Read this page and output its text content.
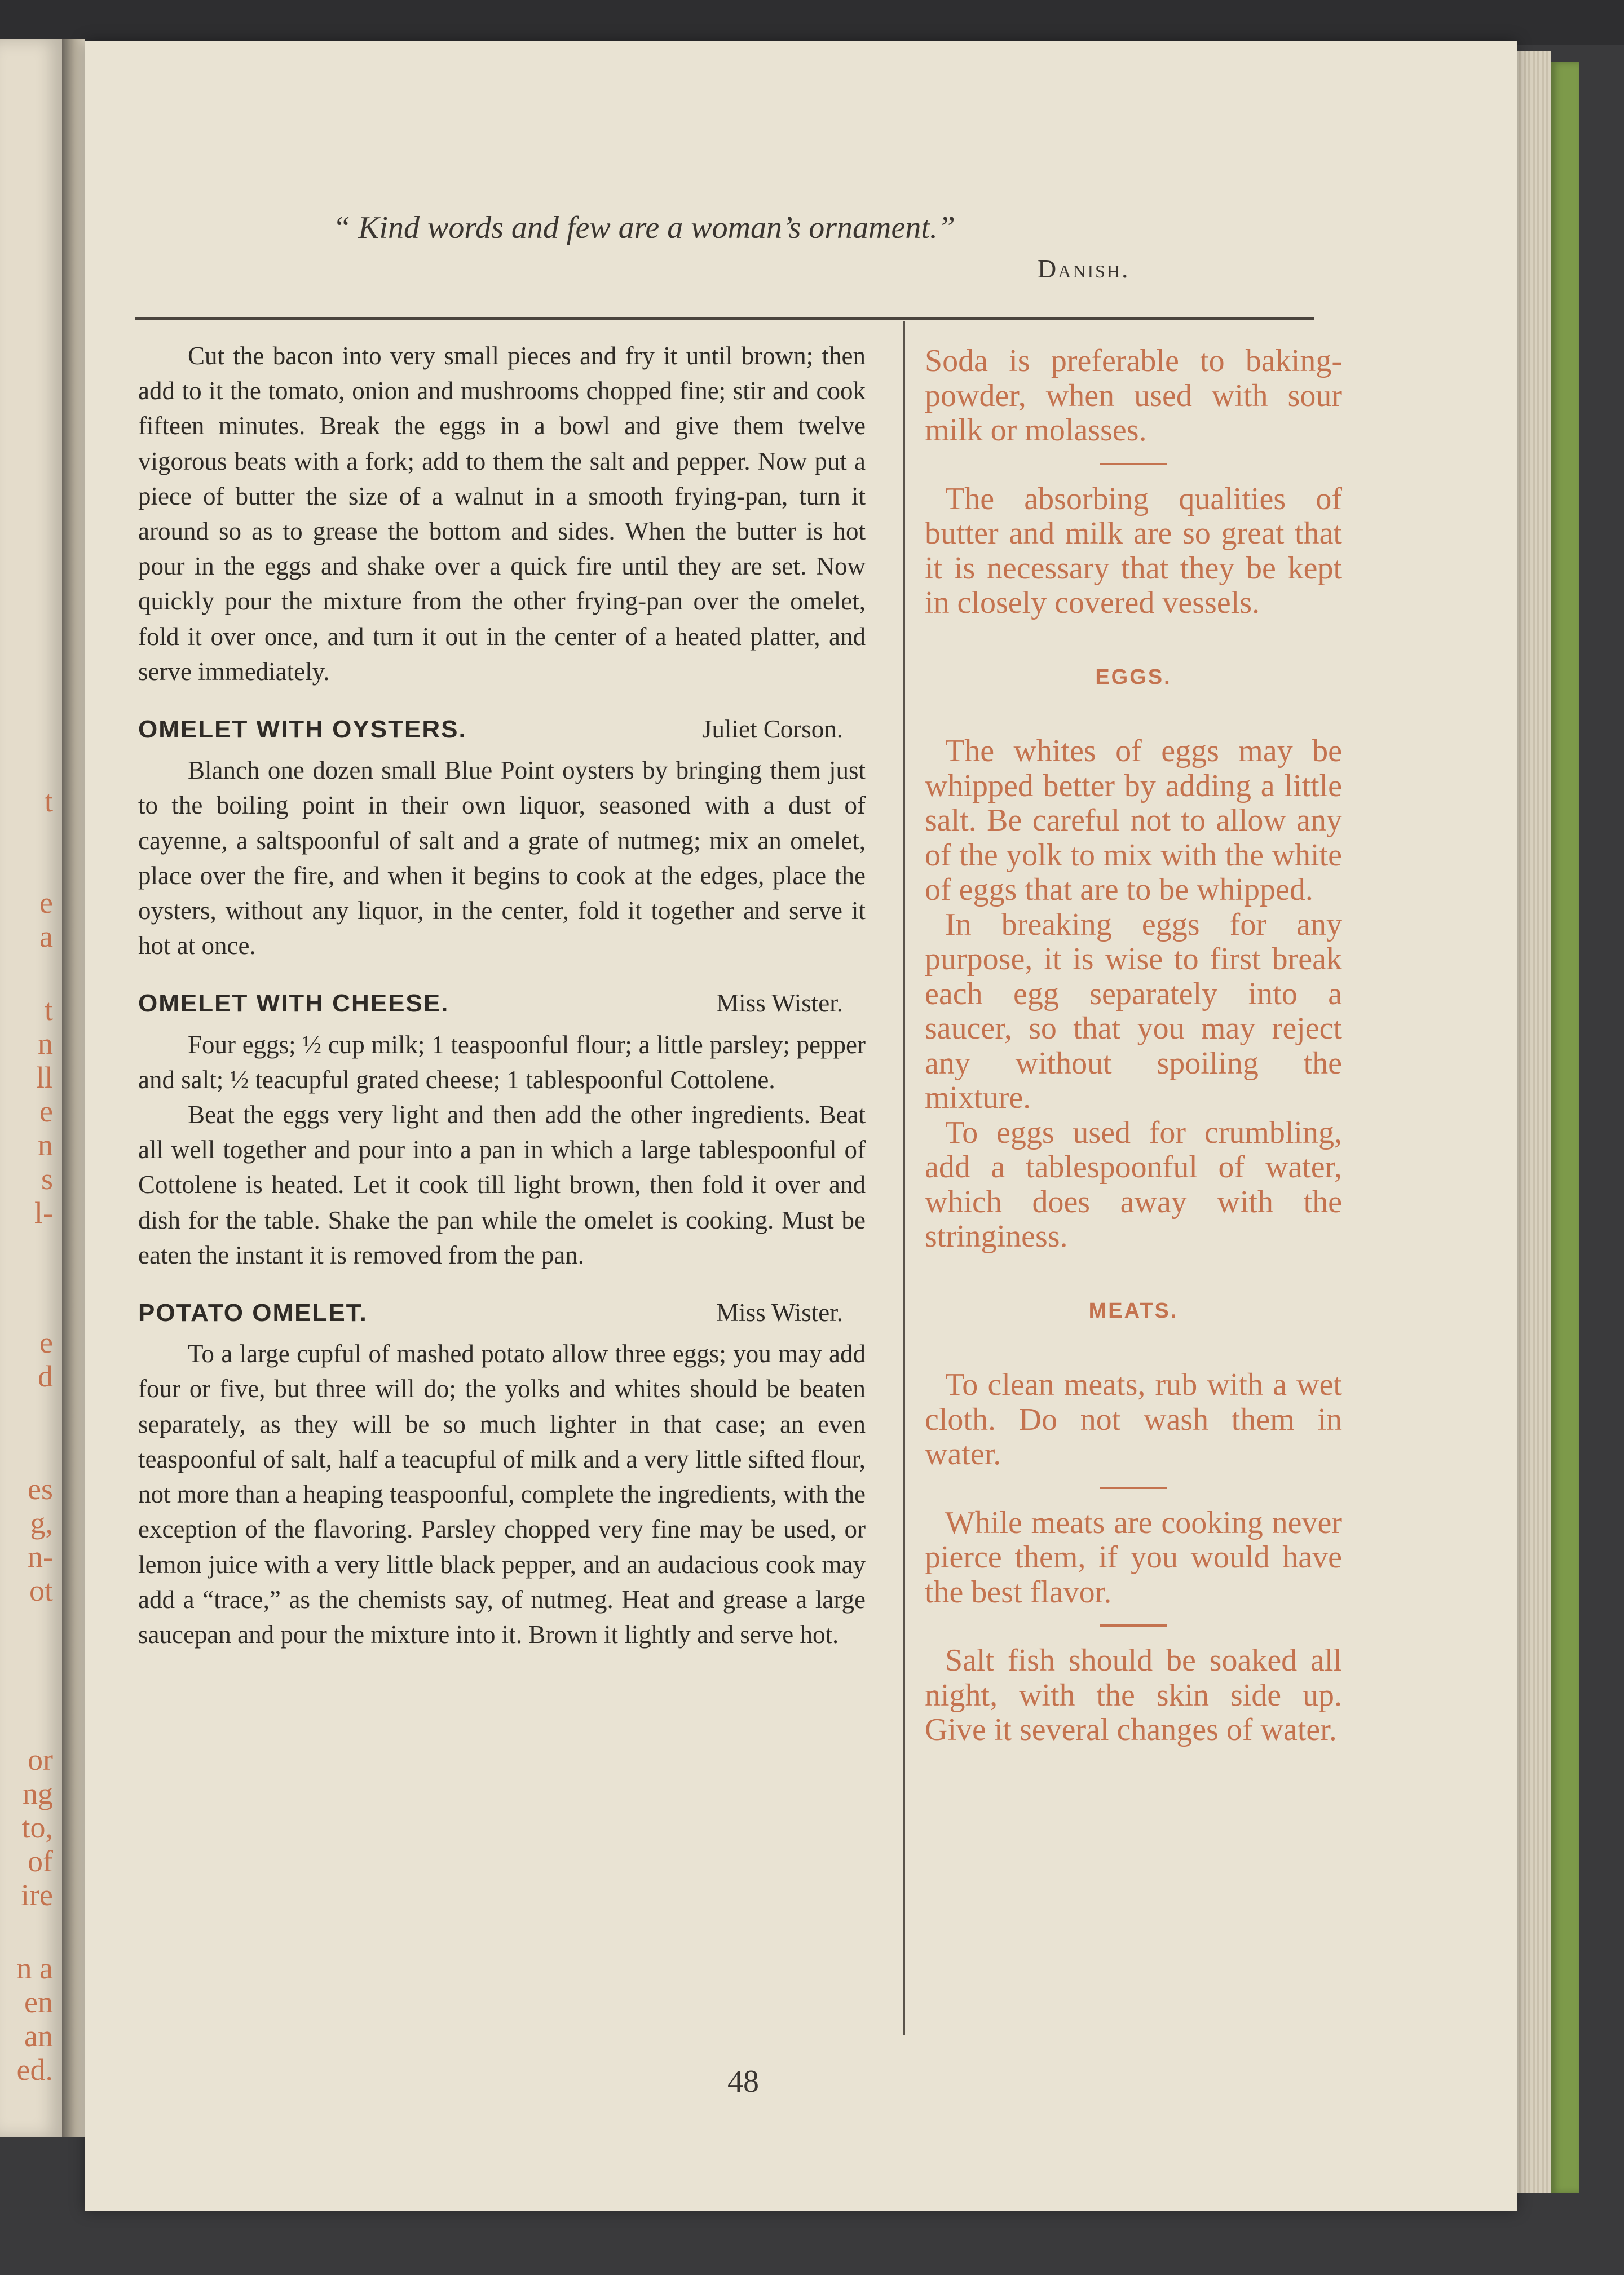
t
e
a
t
n
ll
e
n
s
l-
e
d
es
g,
n-
ot
or
ng
to,
of
ire
n a
en
an
ed.
“ Kind words and few are a woman’s ornament.”
Danish.

Cut the bacon into very small pieces and fry it until brown; then add to it the tomato, onion and mushrooms chopped fine; stir and cook fifteen minutes. Break the eggs in a bowl and give them twelve vigorous beats with a fork; add to them the salt and pepper. Now put a piece of butter the size of a walnut in a smooth frying-pan, turn it around so as to grease the bottom and sides. When the butter is hot pour in the eggs and shake over a quick fire until they are set. Now quickly pour the mixture from the other frying-pan over the omelet, fold it over once, and turn it out in the center of a heated platter, and serve immediately.

OMELET WITH OYSTERS.	Juliet Corson.

Blanch one dozen small Blue Point oysters by bringing them just to the boiling point in their own liquor, seasoned with a dust of cayenne, a saltspoonful of salt and a grate of nutmeg; mix an omelet, place over the fire, and when it begins to cook at the edges, place the oysters, without any liquor, in the center, fold it together and serve it hot at once.

OMELET WITH CHEESE.	Miss Wister.

Four eggs; ½ cup milk; 1 teaspoonful flour; a little parsley; pepper and salt; ½ teacupful grated cheese; 1 tablespoonful Cottolene.

Beat the eggs very light and then add the other ingredients. Beat all well together and pour into a pan in which a large tablespoonful of Cottolene is heated. Let it cook till light brown, then fold it over and dish for the table. Shake the pan while the omelet is cooking. Must be eaten the instant it is removed from the pan.

POTATO OMELET.	Miss Wister.

To a large cupful of mashed potato allow three eggs; you may add four or five, but three will do; the yolks and whites should be beaten separately, as they will be so much lighter in that case; an even teaspoonful of salt, half a teacupful of milk and a very little sifted flour, not more than a heaping teaspoonful, complete the ingredients, with the exception of the flavoring. Parsley chopped very fine may be used, or lemon juice with a very little black pepper, and an audacious cook may add a “trace,” as the chemists say, of nutmeg. Heat and grease a large saucepan and pour the mixture into it. Brown it lightly and serve hot.

Soda is preferable to baking-powder, when used with sour milk or molasses.

The absorbing qualities of butter and milk are so great that it is necessary that they be kept in closely covered vessels.

EGGS.

The whites of eggs may be whipped better by adding a little salt. Be careful not to allow any of the yolk to mix with the white of eggs that are to be whipped.

In breaking eggs for any purpose, it is wise to first break each egg separately into a saucer, so that you may reject any without spoiling the mixture.

To eggs used for crumbling, add a tablespoonful of water, which does away with the stringiness.

MEATS.

To clean meats, rub with a wet cloth. Do not wash them in water.

While meats are cooking never pierce them, if you would have the best flavor.

Salt fish should be soaked all night, with the skin side up. Give it several changes of water.

48
